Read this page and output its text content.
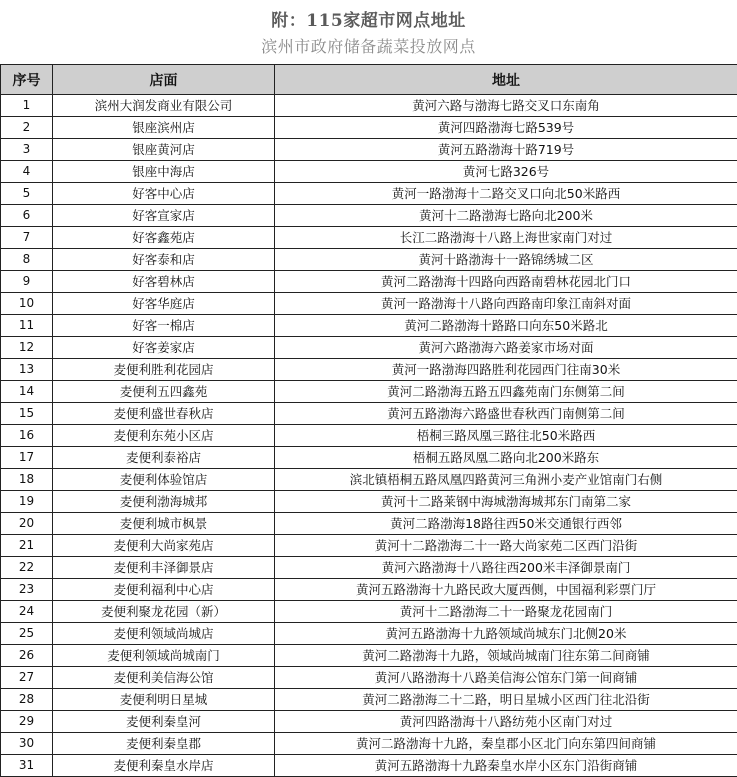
附：115家超市网点地址
滨州市政府储备蔬菜投放网点
序号	店面	地址
1	滨州大润发商业有限公司	黄河六路与渤海七路交叉口东南角
2	银座滨州店	黄河四路渤海七路539号
3	银座黄河店	黄河五路渤海十路719号
4	银座中海店	黄河七路326号
5	好客中心店	黄河一路渤海十二路交叉口向北50米路西
6	好客宣家店	黄河十二路渤海七路向北200米
7	好客鑫苑店	长江二路渤海十八路上海世家南门对过
8	好客泰和店	黄河十路渤海十一路锦绣城二区
9	好客碧林店	黄河二路渤海十四路向西路南碧林花园北门口
10	好客华庭店	黄河一路渤海十八路向西路南印象江南斜对面
11	好客一棉店	黄河二路渤海十路路口向东50米路北
12	好客姜家店	黄河六路渤海六路姜家市场对面
13	麦便利胜利花园店	黄河一路渤海四路胜利花园西门往南30米
14	麦便利五四鑫苑	黄河二路渤海五路五四鑫苑南门东侧第二间
15	麦便利盛世春秋店	黄河五路渤海六路盛世春秋西门南侧第二间
16	麦便利东苑小区店	梧桐三路凤凰三路往北50米路西
17	麦便利泰裕店	梧桐五路凤凰二路向北200米路东
18	麦便利体验馆店	滨北镇梧桐五路凤凰四路黄河三角洲小麦产业馆南门右侧
19	麦便利渤海城邦	黄河十二路莱钢中海城渤海城邦东门南第二家
20	麦便利城市枫景	黄河二路渤海18路往西50米交通银行西邻
21	麦便利大尚家苑店	黄河十二路渤海二十一路大尚家苑二区西门沿街
22	麦便利丰泽御景店	黄河六路渤海十八路往西200米丰泽御景南门
23	麦便利福利中心店	黄河五路渤海十九路民政大厦西侧，中国福利彩票门厅
24	麦便利聚龙花园（新）	黄河十二路渤海二十一路聚龙花园南门
25	麦便利领域尚城店	黄河五路渤海十九路领域尚城东门北侧20米
26	麦便利领域尚城南门	黄河二路渤海十九路，领域尚城南门往东第二间商铺
27	麦便利美信海公馆	黄河八路渤海十八路美信海公馆东门第一间商铺
28	麦便利明日星城	黄河二路渤海二十二路，明日星城小区西门往北沿街
29	麦便利秦皇河	黄河四路渤海十八路纺苑小区南门对过
30	麦便利秦皇郡	黄河二路渤海十九路，秦皇郡小区北门向东第四间商铺
31	麦便利秦皇水岸店	黄河五路渤海十九路秦皇水岸小区东门沿街商铺
